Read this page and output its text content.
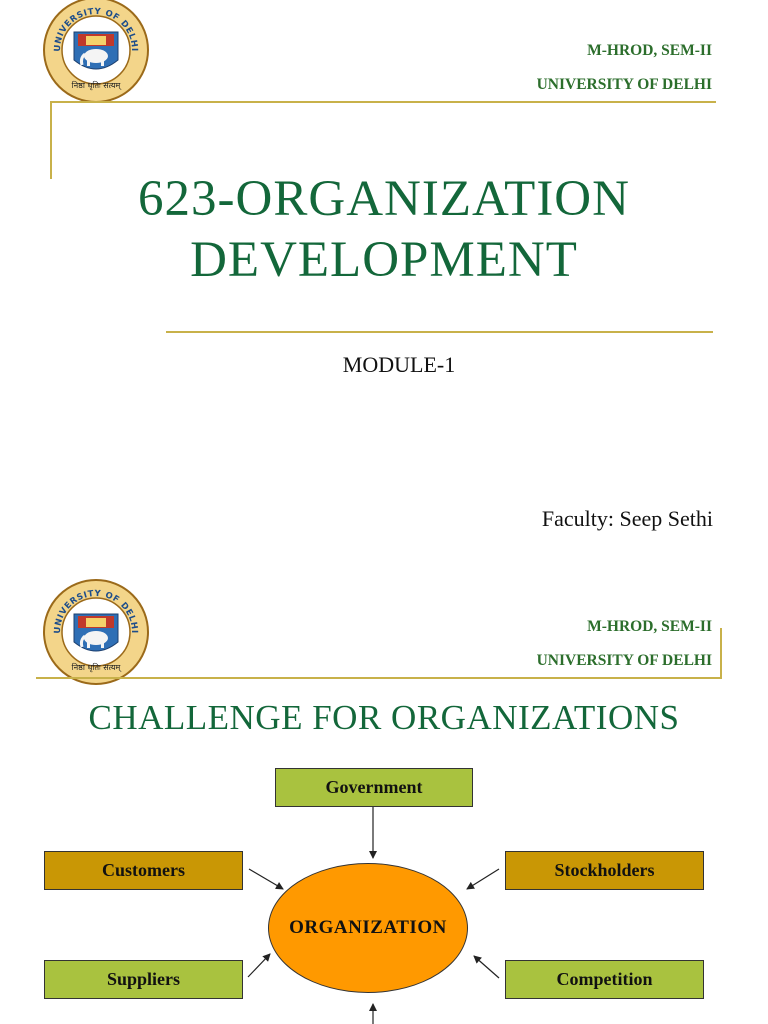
UNIVERSITY OF DELHI
निष्ठा धृतिः सत्यम्
M-HROD, SEM-II
UNIVERSITY OF DELHI
623-ORGANIZATION
DEVELOPMENT
MODULE-1
Faculty: Seep Sethi
UNIVERSITY OF DELHI
निष्ठा धृतिः सत्यम्
M-HROD, SEM-II
UNIVERSITY OF DELHI
CHALLENGE FOR ORGANIZATIONS
Government
Customers	Stockholders
ORGANIZATION
Suppliers	Competition
